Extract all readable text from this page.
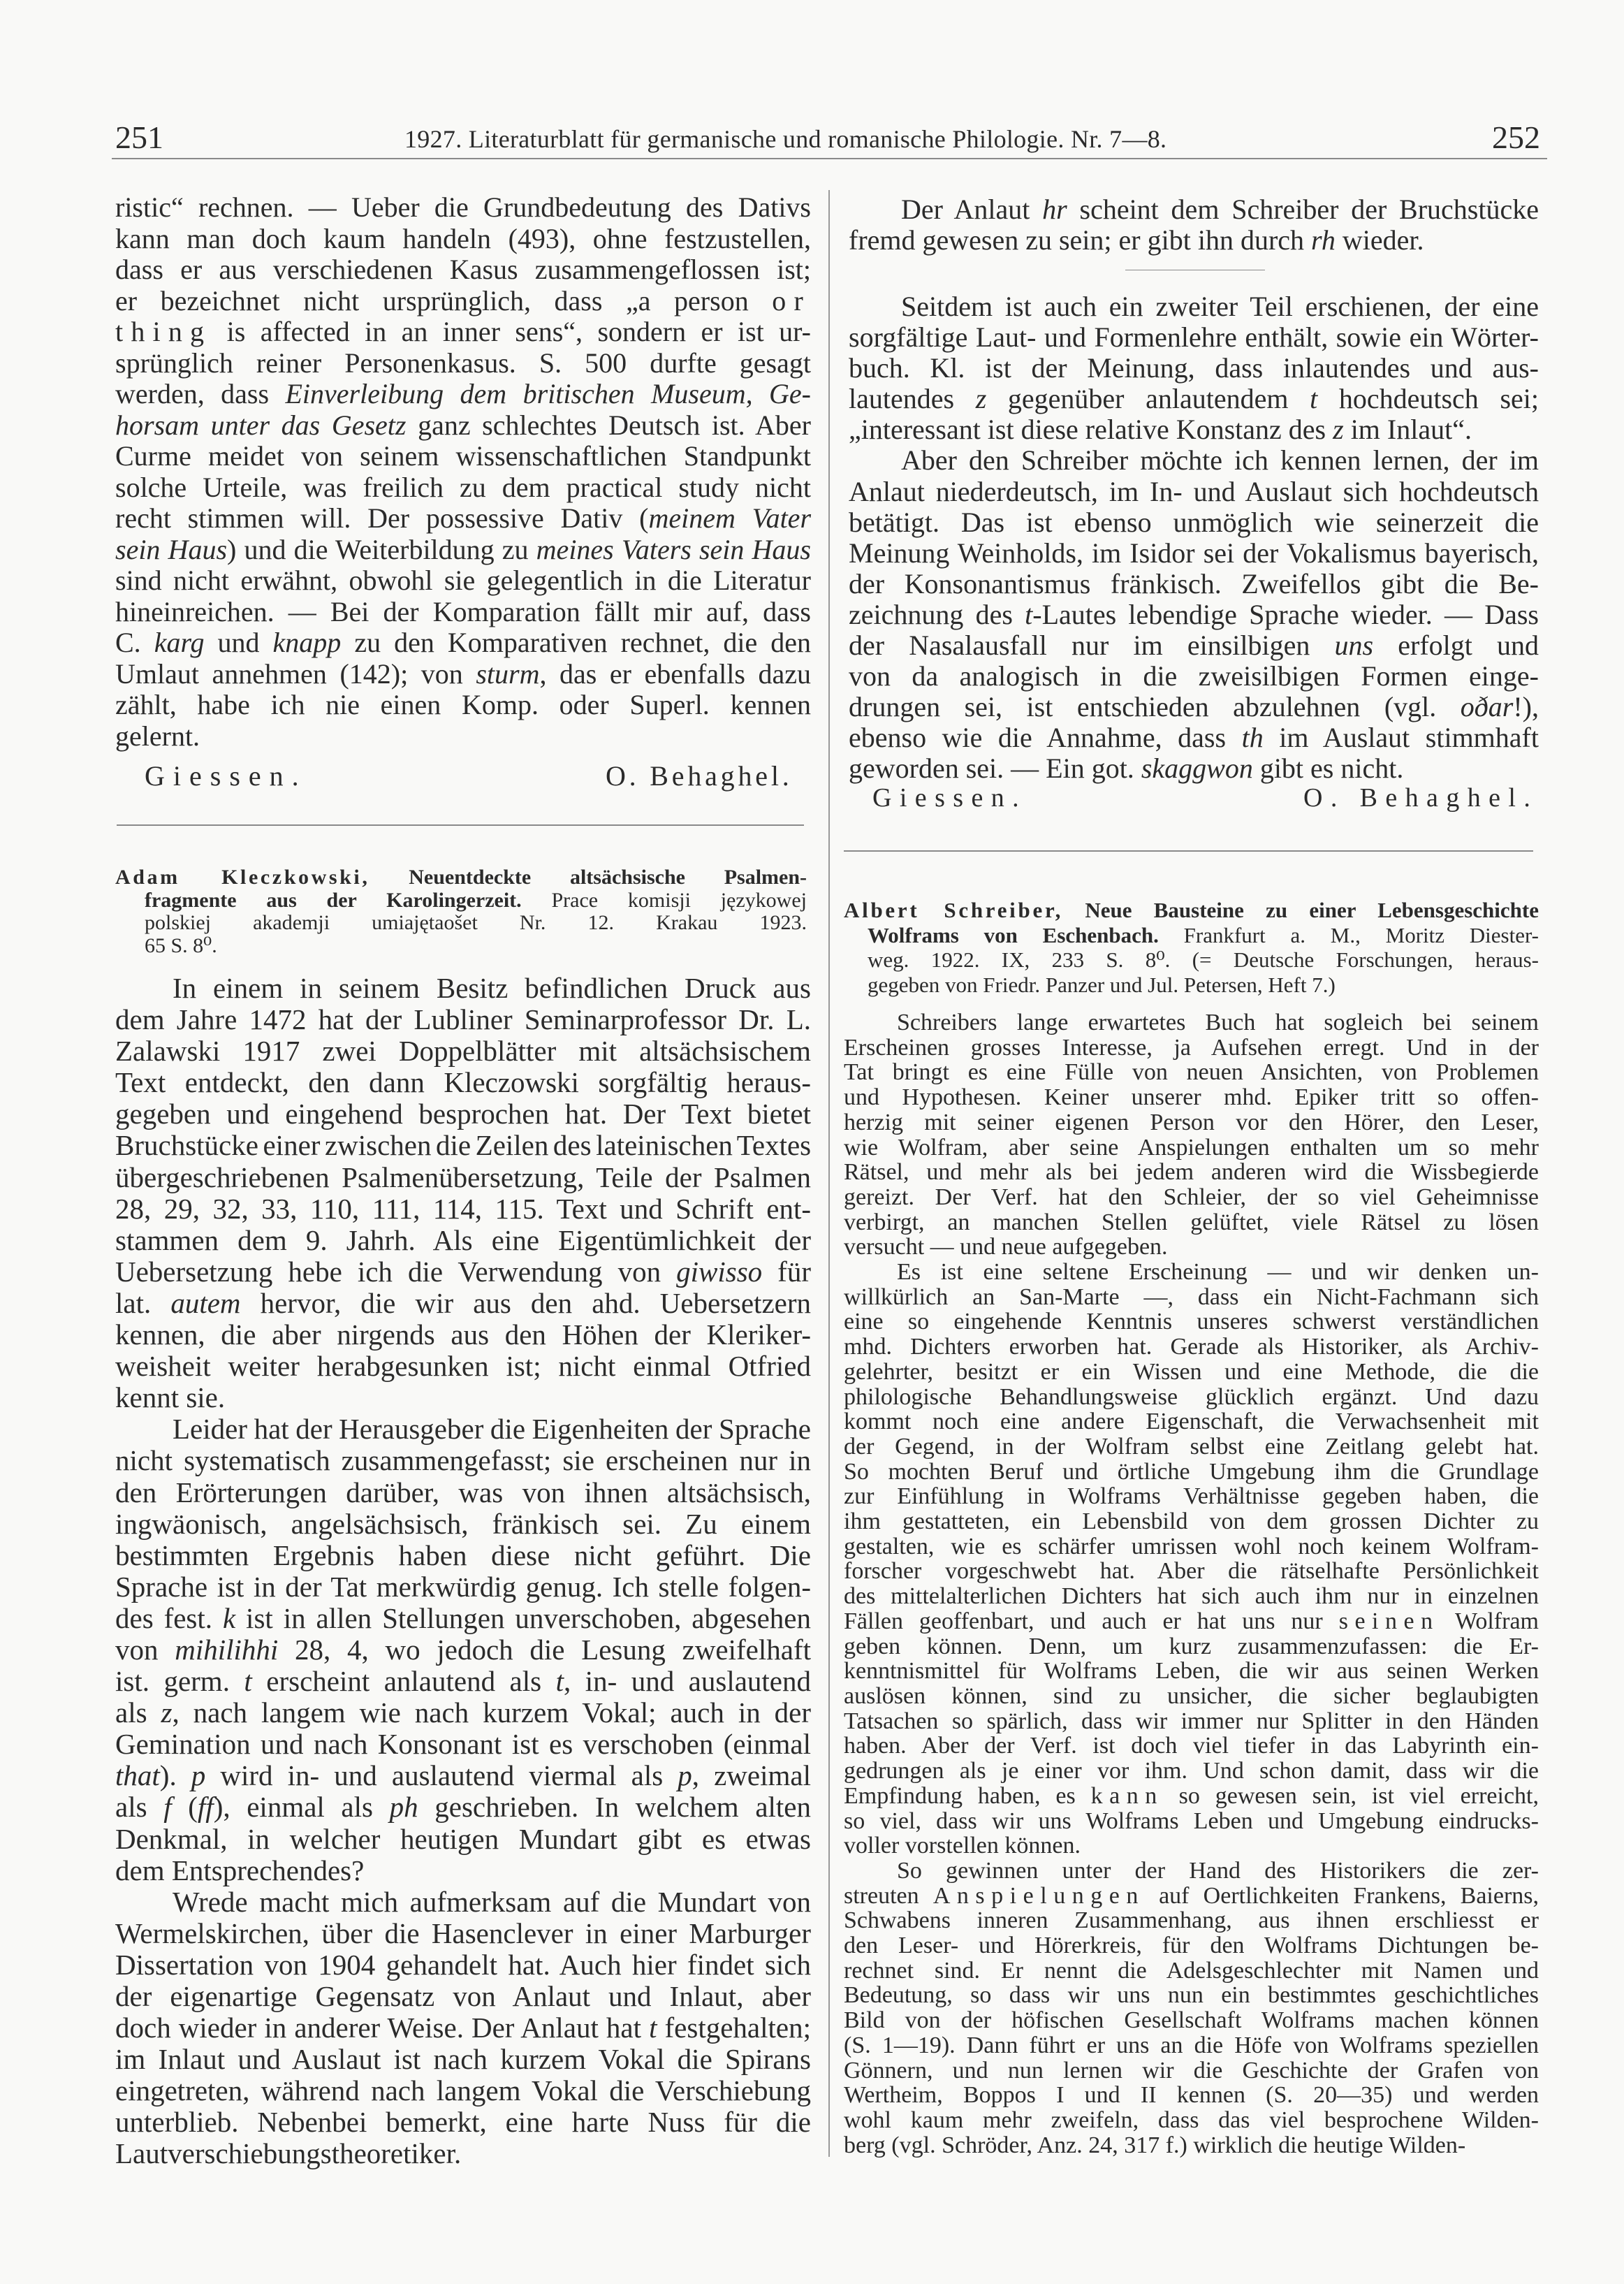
251	1927. Literaturblatt für germanische und romanische Philologie. Nr. 7—8.	252
ristic“ rechnen. — Ueber die Grundbedeutung des Dativs
kann man doch kaum handeln (493), ohne festzustellen,
dass er aus verschiedenen Kasus zusammengeflossen ist;
er bezeichnet nicht ursprünglich, dass „a person or
thing is affected in an inner sens“, sondern er ist ur-
sprünglich reiner Personenkasus. S. 500 durfte gesagt
werden, dass Einverleibung dem britischen Museum, Ge-
horsam unter das Gesetz ganz schlechtes Deutsch ist. Aber
Curme meidet von seinem wissenschaftlichen Standpunkt
solche Urteile, was freilich zu dem practical study nicht
recht stimmen will. Der possessive Dativ (meinem Vater
sein Haus) und die Weiterbildung zu meines Vaters sein Haus
sind nicht erwähnt, obwohl sie gelegentlich in die Literatur
hineinreichen. — Bei der Komparation fällt mir auf, dass
C. karg und knapp zu den Komparativen rechnet, die den
Umlaut annehmen (142); von sturm, das er ebenfalls dazu
zählt, habe ich nie einen Komp. oder Superl. kennen
gelernt.
Giessen.	O. Behaghel.
Adam Kleczkowski, Neuentdeckte altsächsische Psalmen-
fragmente aus der Karolingerzeit. Prace komisji językowej
polskiej akademji umiajętaošet Nr. 12. Krakau 1923.
65 S. 8⁰.
In einem in seinem Besitz befindlichen Druck aus
dem Jahre 1472 hat der Lubliner Seminarprofessor Dr. L.
Zalawski 1917 zwei Doppelblätter mit altsächsischem
Text entdeckt, den dann Kleczowski sorgfältig heraus-
gegeben und eingehend besprochen hat. Der Text bietet
Bruchstücke einer zwischen die Zeilen des lateinischen Textes
übergeschriebenen Psalmenübersetzung, Teile der Psalmen
28, 29, 32, 33, 110, 111, 114, 115. Text und Schrift ent-
stammen dem 9. Jahrh. Als eine Eigentümlichkeit der
Uebersetzung hebe ich die Verwendung von giwisso für
lat. autem hervor, die wir aus den ahd. Uebersetzern
kennen, die aber nirgends aus den Höhen der Kleriker-
weisheit weiter herabgesunken ist; nicht einmal Otfried
kennt sie.
Leider hat der Herausgeber die Eigenheiten der Sprache
nicht systematisch zusammengefasst; sie erscheinen nur in
den Erörterungen darüber, was von ihnen altsächsisch,
ingwäonisch, angelsächsisch, fränkisch sei. Zu einem
bestimmten Ergebnis haben diese nicht geführt. Die
Sprache ist in der Tat merkwürdig genug. Ich stelle folgen-
des fest. k ist in allen Stellungen unverschoben, abgesehen
von mihilihhi 28, 4, wo jedoch die Lesung zweifelhaft
ist. germ. t erscheint anlautend als t, in- und auslautend
als z, nach langem wie nach kurzem Vokal; auch in der
Gemination und nach Konsonant ist es verschoben (einmal
that). p wird in- und auslautend viermal als p, zweimal
als f (ff), einmal als ph geschrieben. In welchem alten
Denkmal, in welcher heutigen Mundart gibt es etwas
dem Entsprechendes?
Wrede macht mich aufmerksam auf die Mundart von
Wermelskirchen, über die Hasenclever in einer Marburger
Dissertation von 1904 gehandelt hat. Auch hier findet sich
der eigenartige Gegensatz von Anlaut und Inlaut, aber
doch wieder in anderer Weise. Der Anlaut hat t festgehalten;
im Inlaut und Auslaut ist nach kurzem Vokal die Spirans
eingetreten, während nach langem Vokal die Verschiebung
unterblieb. Nebenbei bemerkt, eine harte Nuss für die
Lautverschiebungstheoretiker.
Der Anlaut hr scheint dem Schreiber der Bruchstücke
fremd gewesen zu sein; er gibt ihn durch rh wieder.
Seitdem ist auch ein zweiter Teil erschienen, der eine
sorgfältige Laut- und Formenlehre enthält, sowie ein Wörter-
buch. Kl. ist der Meinung, dass inlautendes und aus-
lautendes z gegenüber anlautendem t hochdeutsch sei;
„interessant ist diese relative Konstanz des z im Inlaut“.
Aber den Schreiber möchte ich kennen lernen, der im
Anlaut niederdeutsch, im In- und Auslaut sich hochdeutsch
betätigt. Das ist ebenso unmöglich wie seinerzeit die
Meinung Weinholds, im Isidor sei der Vokalismus bayerisch,
der Konsonantismus fränkisch. Zweifellos gibt die Be-
zeichnung des t-Lautes lebendige Sprache wieder. — Dass
der Nasalausfall nur im einsilbigen uns erfolgt und
von da analogisch in die zweisilbigen Formen einge-
drungen sei, ist entschieden abzulehnen (vgl. oðar!),
ebenso wie die Annahme, dass th im Auslaut stimmhaft
geworden sei. — Ein got. skaggwon gibt es nicht.
Giessen.	O. Behaghel.
Albert Schreiber, Neue Bausteine zu einer Lebensgeschichte
Wolframs von Eschenbach. Frankfurt a. M., Moritz Diester-
weg. 1922. IX, 233 S. 8⁰. (= Deutsche Forschungen, heraus-
gegeben von Friedr. Panzer und Jul. Petersen, Heft 7.)
Schreibers lange erwartetes Buch hat sogleich bei seinem
Erscheinen grosses Interesse, ja Aufsehen erregt. Und in der
Tat bringt es eine Fülle von neuen Ansichten, von Problemen
und Hypothesen. Keiner unserer mhd. Epiker tritt so offen-
herzig mit seiner eigenen Person vor den Hörer, den Leser,
wie Wolfram, aber seine Anspielungen enthalten um so mehr
Rätsel, und mehr als bei jedem anderen wird die Wissbegierde
gereizt. Der Verf. hat den Schleier, der so viel Geheimnisse
verbirgt, an manchen Stellen gelüftet, viele Rätsel zu lösen
versucht — und neue aufgegeben.
Es ist eine seltene Erscheinung — und wir denken un-
willkürlich an San-Marte —, dass ein Nicht-Fachmann sich
eine so eingehende Kenntnis unseres schwerst verständlichen
mhd. Dichters erworben hat. Gerade als Historiker, als Archiv-
gelehrter, besitzt er ein Wissen und eine Methode, die die
philologische Behandlungsweise glücklich ergänzt. Und dazu
kommt noch eine andere Eigenschaft, die Verwachsenheit mit
der Gegend, in der Wolfram selbst eine Zeitlang gelebt hat.
So mochten Beruf und örtliche Umgebung ihm die Grundlage
zur Einfühlung in Wolframs Verhältnisse gegeben haben, die
ihm gestatteten, ein Lebensbild von dem grossen Dichter zu
gestalten, wie es schärfer umrissen wohl noch keinem Wolfram-
forscher vorgeschwebt hat. Aber die rätselhafte Persönlichkeit
des mittelalterlichen Dichters hat sich auch ihm nur in einzelnen
Fällen geoffenbart, und auch er hat uns nur seinen Wolfram
geben können. Denn, um kurz zusammenzufassen: die Er-
kenntnismittel für Wolframs Leben, die wir aus seinen Werken
auslösen können, sind zu unsicher, die sicher beglaubigten
Tatsachen so spärlich, dass wir immer nur Splitter in den Händen
haben. Aber der Verf. ist doch viel tiefer in das Labyrinth ein-
gedrungen als je einer vor ihm. Und schon damit, dass wir die
Empfindung haben, es kann so gewesen sein, ist viel erreicht,
so viel, dass wir uns Wolframs Leben und Umgebung eindrucks-
voller vorstellen können.
So gewinnen unter der Hand des Historikers die zer-
streuten Anspielungen auf Oertlichkeiten Frankens, Baierns,
Schwabens inneren Zusammenhang, aus ihnen erschliesst er
den Leser- und Hörerkreis, für den Wolframs Dichtungen be-
rechnet sind. Er nennt die Adelsgeschlechter mit Namen und
Bedeutung, so dass wir uns nun ein bestimmtes geschichtliches
Bild von der höfischen Gesellschaft Wolframs machen können
(S. 1—19). Dann führt er uns an die Höfe von Wolframs speziellen
Gönnern, und nun lernen wir die Geschichte der Grafen von
Wertheim, Boppos I und II kennen (S. 20—35) und werden
wohl kaum mehr zweifeln, dass das viel besprochene Wilden-
berg (vgl. Schröder, Anz. 24, 317 f.) wirklich die heutige Wilden-
